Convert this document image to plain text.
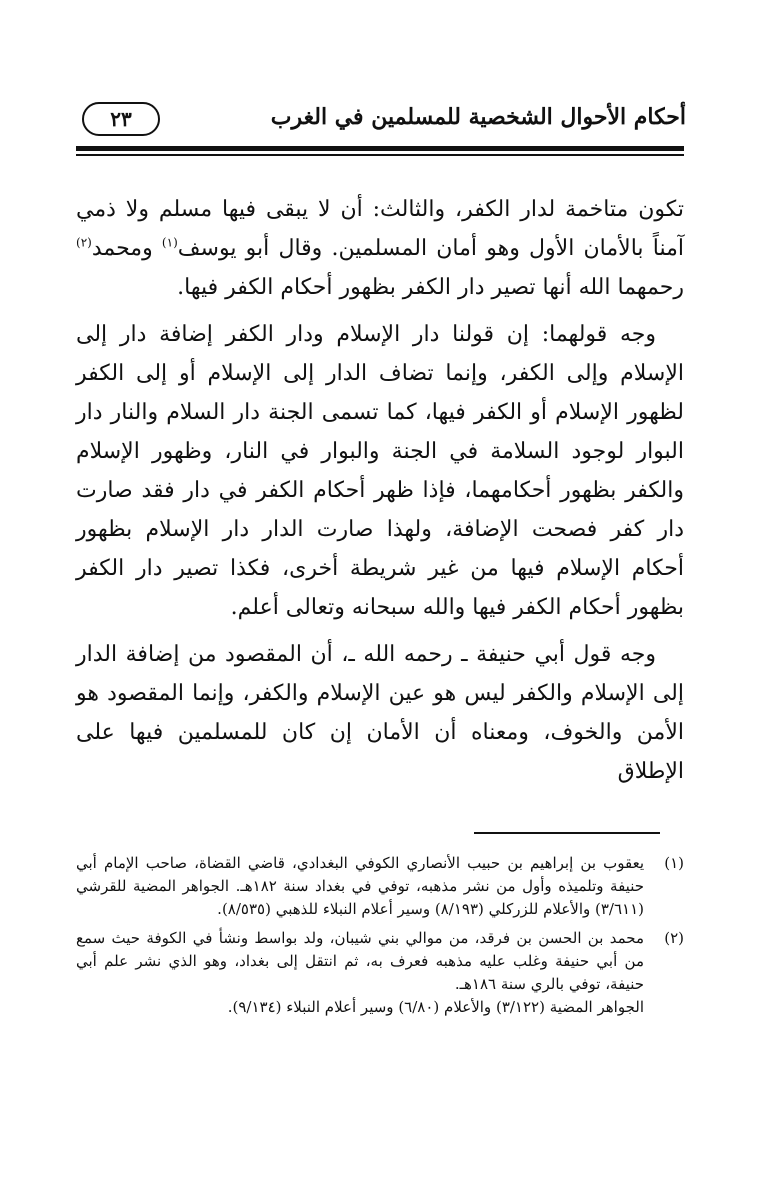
أحكام الأحوال الشخصية للمسلمين في الغرب
٢٣

تكون متاخمة لدار الكفر، والثالث: أن لا يبقى فيها مسلم ولا ذمي آمناً بالأمان الأول وهو أمان المسلمين. وقال أبو يوسف$^{(١)}$ ومحمد$^{(٢)}$ رحمهما الله أنها تصير دار الكفر بظهور أحكام الكفر فيها.

وجه قولهما: إن قولنا دار الإسلام ودار الكفر إضافة دار إلى الإسلام وإلى الكفر، وإنما تضاف الدار إلى الإسلام أو إلى الكفر لظهور الإسلام أو الكفر فيها، كما تسمى الجنة دار السلام والنار دار البوار لوجود السلامة في الجنة والبوار في النار، وظهور الإسلام والكفر بظهور أحكامهما، فإذا ظهر أحكام الكفر في دار فقد صارت دار كفر فصحت الإضافة، ولهذا صارت الدار دار الإسلام بظهور أحكام الإسلام فيها من غير شريطة أخرى، فكذا تصير دار الكفر بظهور أحكام الكفر فيها والله سبحانه وتعالى أعلم.

وجه قول أبي حنيفة ـ رحمه الله ـ، أن المقصود من إضافة الدار إلى الإسلام والكفر ليس هو عين الإسلام والكفر، وإنما المقصود هو الأمن والخوف، ومعناه أن الأمان إن كان للمسلمين فيها على الإطلاق

(١)
يعقوب بن إبراهيم بن حبيب الأنصاري الكوفي البغدادي، قاضي القضاة، صاحب الإمام أبي حنيفة وتلميذه وأول من نشر مذهبه، توفي في بغداد سنة ١٨٢هـ. الجواهر المضية للقرشي (٣/٦١١) والأعلام للزركلي (٨/١٩٣) وسير أعلام النبلاء للذهبي (٨/٥٣٥).
(٢)
محمد بن الحسن بن فرقد، من موالي بني شيبان، ولد بواسط ونشأ في الكوفة حيث سمع من أبي حنيفة وغلب عليه مذهبه فعرف به، ثم انتقل إلى بغداد، وهو الذي نشر علم أبي حنيفة، توفي بالري سنة ١٨٦هـ.
الجواهر المضية (٣/١٢٢) والأعلام (٦/٨٠) وسير أعلام النبلاء (٩/١٣٤).
